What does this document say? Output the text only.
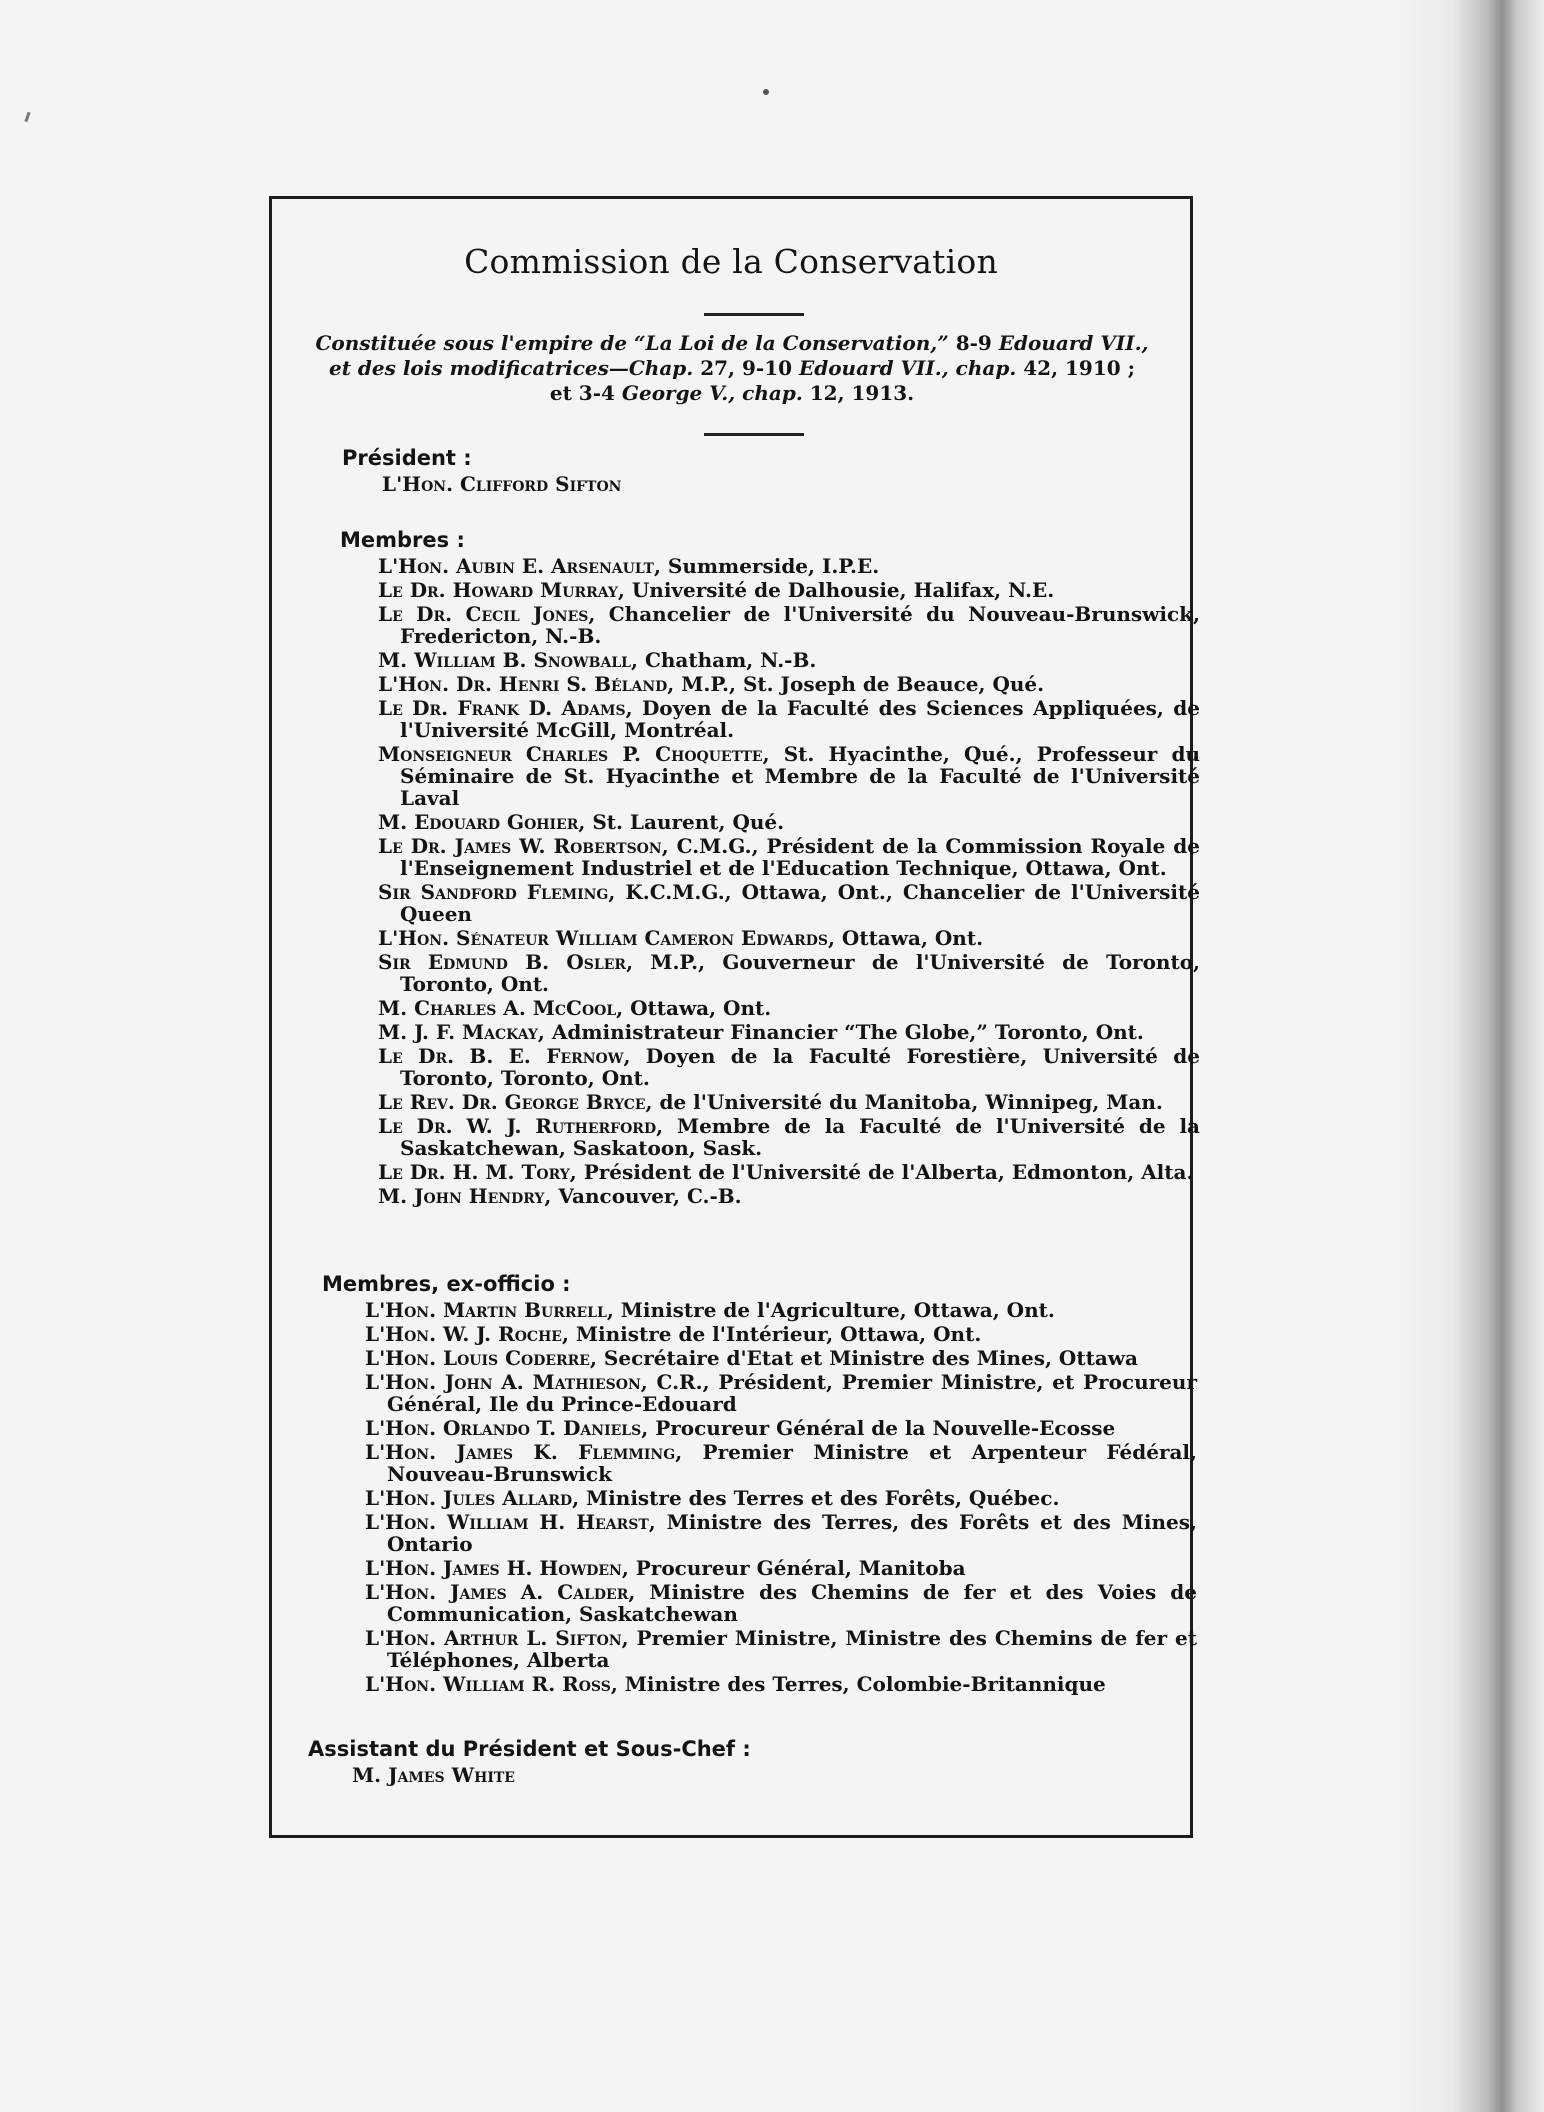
Commission de la Conservation
Constituée sous l'empire de “La Loi de la Conservation,” 8-9 Edouard VII.,
et des lois modificatrices—Chap. 27, 9-10 Edouard VII., chap. 42, 1910 ;
et 3-4 George V., chap. 12, 1913.
Président :
L'Hon. Clifford Sifton
Membres :
L'Hon. Aubin E. Arsenault, Summerside, I.P.E.
Le Dr. Howard Murray, Université de Dalhousie, Halifax, N.E.
Le Dr. Cecil Jones, Chancelier de l'Université du Nouveau-Brunswick, Fredericton, N.-B.
M. William B. Snowball, Chatham, N.-B.
L'Hon. Dr. Henri S. Béland, M.P., St. Joseph de Beauce, Qué.
Le Dr. Frank D. Adams, Doyen de la Faculté des Sciences Appliquées, de l'Université McGill, Montréal.
Monseigneur Charles P. Choquette, St. Hyacinthe, Qué., Professeur du Séminaire de St. Hyacinthe et Membre de la Faculté de l'Université Laval
M. Edouard Gohier, St. Laurent, Qué.
Le Dr. James W. Robertson, C.M.G., Président de la Commission Royale de l'Enseignement Industriel et de l'Education Technique, Ottawa, Ont.
Sir Sandford Fleming, K.C.M.G., Ottawa, Ont., Chancelier de l'Université Queen
L'Hon. Sénateur William Cameron Edwards, Ottawa, Ont.
Sir Edmund B. Osler, M.P., Gouverneur de l'Université de Toronto, Toronto, Ont.
M. Charles A. McCool, Ottawa, Ont.
M. J. F. Mackay, Administrateur Financier “The Globe,” Toronto, Ont.
Le Dr. B. E. Fernow, Doyen de la Faculté Forestière, Université de Toronto, Toronto, Ont.
Le Rev. Dr. George Bryce, de l'Université du Manitoba, Winnipeg, Man.
Le Dr. W. J. Rutherford, Membre de la Faculté de l'Université de la Saskatchewan, Saskatoon, Sask.
Le Dr. H. M. Tory, Président de l'Université de l'Alberta, Edmonton, Alta.
M. John Hendry, Vancouver, C.-B.
Membres, ex-officio :
L'Hon. Martin Burrell, Ministre de l'Agriculture, Ottawa, Ont.
L'Hon. W. J. Roche, Ministre de l'Intérieur, Ottawa, Ont.
L'Hon. Louis Coderre, Secrétaire d'Etat et Ministre des Mines, Ottawa
L'Hon. John A. Mathieson, C.R., Président, Premier Ministre, et Procureur Général, Ile du Prince-Edouard
L'Hon. Orlando T. Daniels, Procureur Général de la Nouvelle-Ecosse
L'Hon. James K. Flemming, Premier Ministre et Arpenteur Fédéral, Nouveau-Brunswick
L'Hon. Jules Allard, Ministre des Terres et des Forêts, Québec.
L'Hon. William H. Hearst, Ministre des Terres, des Forêts et des Mines, Ontario
L'Hon. James H. Howden, Procureur Général, Manitoba
L'Hon. James A. Calder, Ministre des Chemins de fer et des Voies de Communication, Saskatchewan
L'Hon. Arthur L. Sifton, Premier Ministre, Ministre des Chemins de fer et Téléphones, Alberta
L'Hon. William R. Ross, Ministre des Terres, Colombie-Britannique
Assistant du Président et Sous-Chef :
M. James White
